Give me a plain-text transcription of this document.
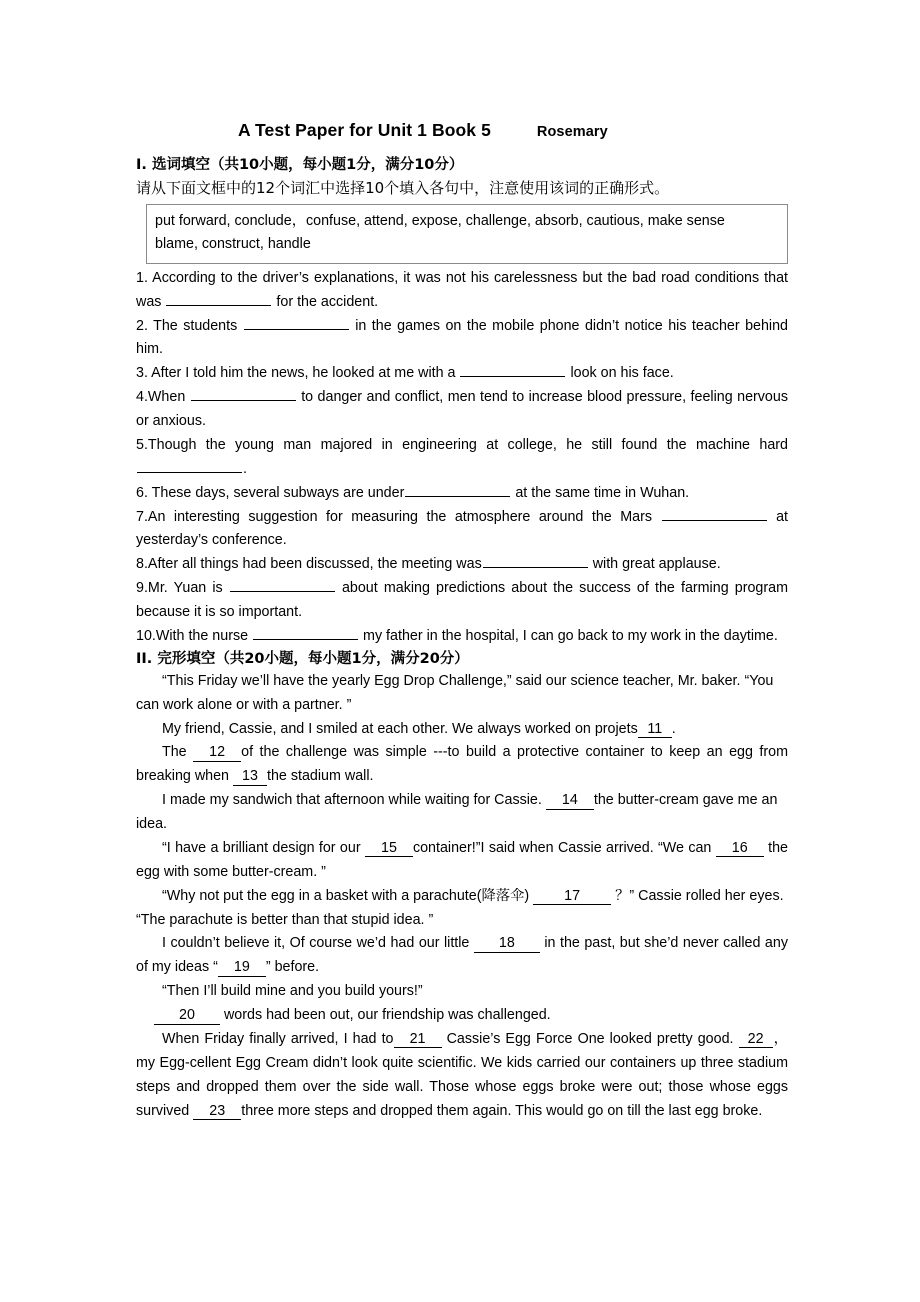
A Test Paper for Unit 1 Book 5	Rosemary
I. 选词填空（共10小题，每小题1分，满分10分）
请从下面文框中的12个词汇中选择10个填入各句中，注意使用该词的正确形式。
put forward, conclude，confuse, attend, expose, challenge, absorb, cautious, make sense
blame, construct, handle

1. According to the driver’s explanations, it was not his carelessness but the bad road conditions that was	for the accident.

2. The students	in the games on the mobile phone didn’t notice his teacher behind him.

3. After I told him the news, he looked at me with a	look on his face.

4.When	to danger and conflict, men tend to increase blood pressure, feeling nervous or anxious.

5.Though the young man majored in engineering at college, he still found the machine hard .

6. These days, several subways are under	at the same time in Wuhan.

7.An interesting suggestion for measuring the atmosphere around the Mars	at yesterday’s conference.

8.After all things had been discussed, the meeting was	with great applause.

9.Mr. Yuan is	about making predictions about the success of the farming program because it is so important.

10.With the nurse	my father in the hospital, I can go back to my work in the daytime.

II. 完形填空（共20小题，每小题1分，满分20分）

“This Friday we’ll have the yearly Egg Drop Challenge,” said our science teacher, Mr. baker. “You can work alone or with a partner. ”

My friend, Cassie, and I smiled at each other. We always worked on projets 11 .

The 12 of the challenge was simple ---to build a protective container to keep an egg from breaking when 13 the stadium wall.

I made my sandwich that afternoon while waiting for Cassie. 14 the butter-cream gave me an idea.

“I have a brilliant design for our 15 container!”I said when Cassie arrived. “We can 16 the egg with some butter-cream. ”

“Why not put the egg in a basket with a parachute(降落伞) 17 ？” Cassie rolled her eyes. “The parachute is better than that stupid idea. ”

I couldn’t believe it, Of course we’d had our little 18 in the past, but she’d never called any of my ideas “ 19 ” before.

“Then I’ll build mine and you build yours!”

20 words had been out, our friendship was challenged.

When Friday finally arrived, I had to 21 Cassie’s Egg Force One looked pretty good. 22 ，my Egg-cellent Egg Cream didn’t look quite scientific. We kids carried our containers up three stadium steps and dropped them over the side wall. Those whose eggs broke were out; those whose eggs survived 23 three more steps and dropped them again. This would go on till the last egg broke.
